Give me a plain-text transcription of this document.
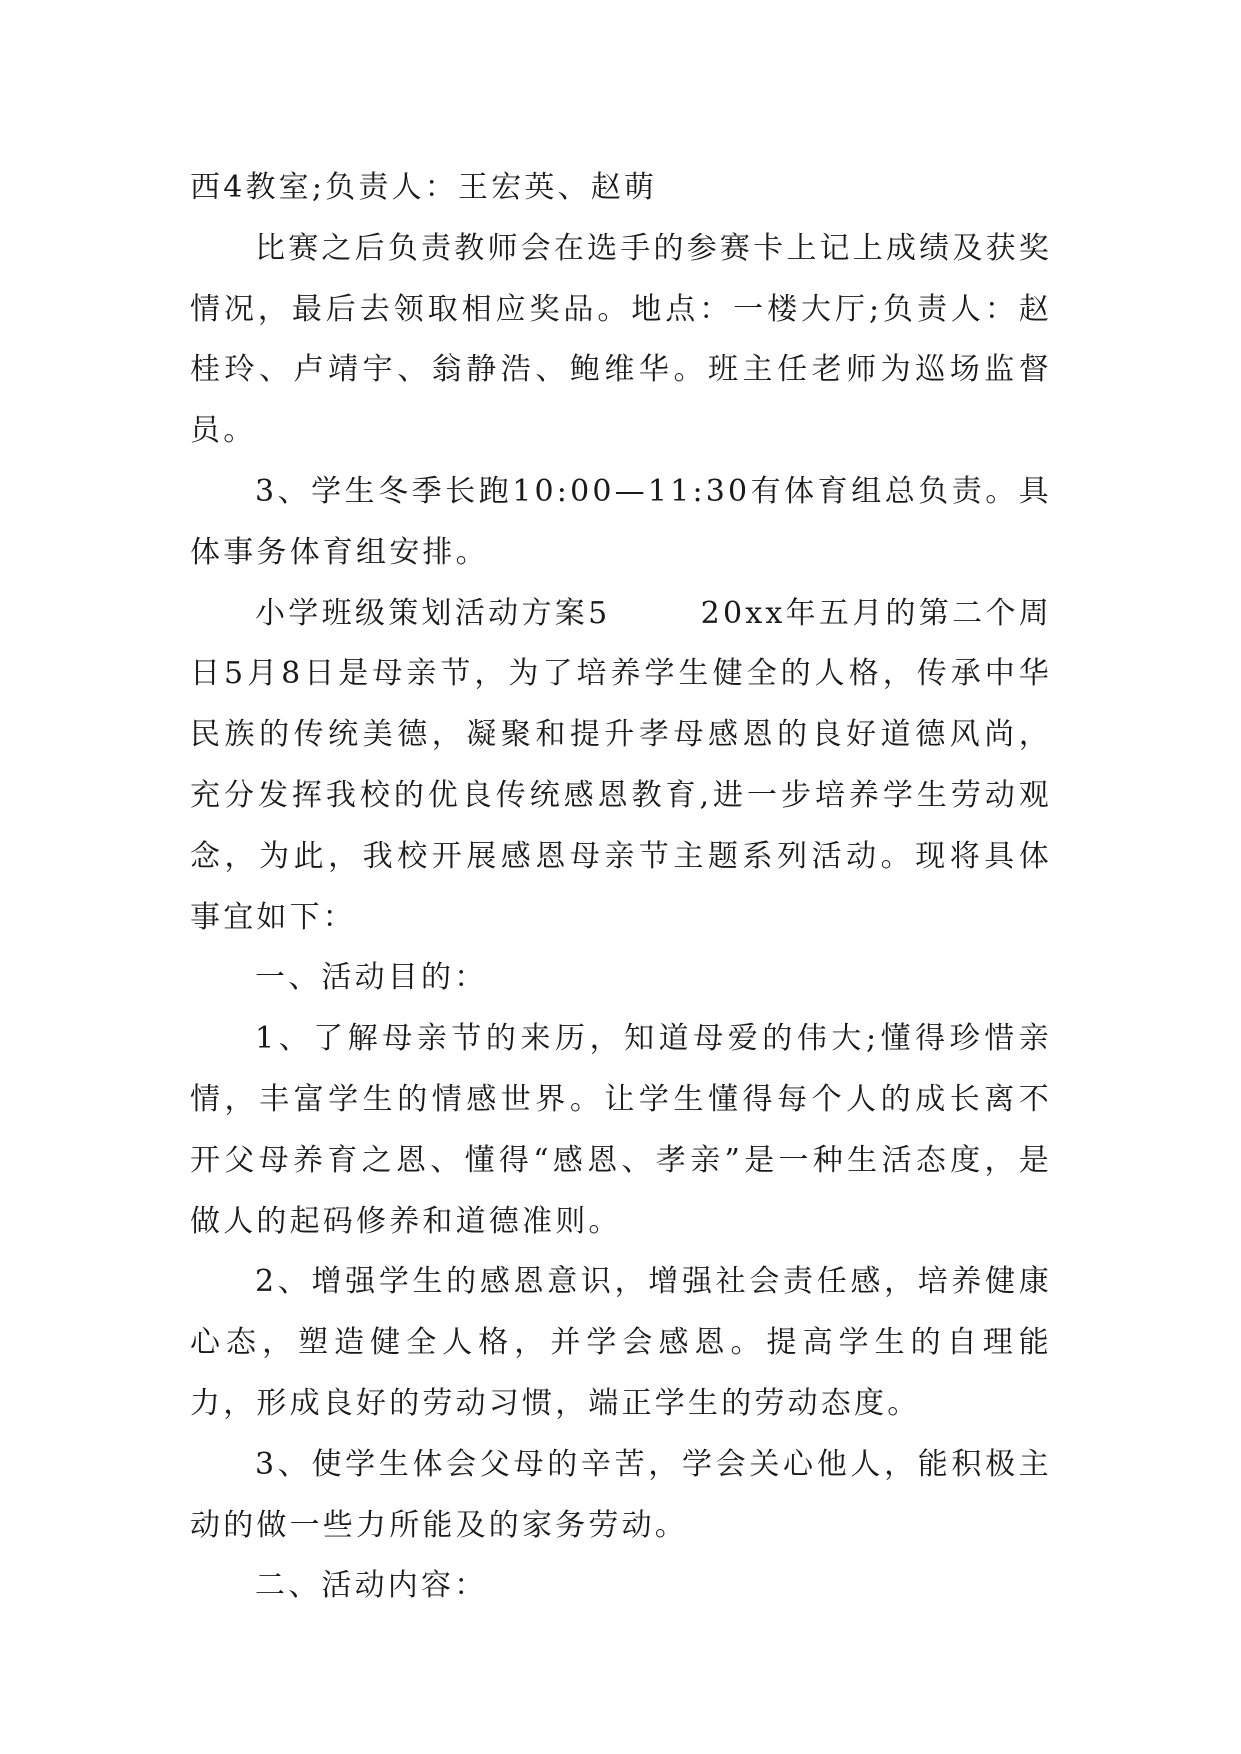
西4教室;负责人：王宏英、赵萌

比赛之后负责教师会在选手的参赛卡上记上成绩及获奖情况，最后去领取相应奖品。地点：一楼大厅;负责人：赵桂玲、卢靖宇、翁静浩、鲍维华。班主任老师为巡场监督员。

3、学生冬季长跑10:00—11:30有体育组总负责。具体事务体育组安排。

小学班级策划活动方案5	20xx年五月的第二个周日5月8日是母亲节，为了培养学生健全的人格，传承中华民族的传统美德，凝聚和提升孝母感恩的良好道德风尚，充分发挥我校的优良传统感恩教育,进一步培养学生劳动观念，为此，我校开展感恩母亲节主题系列活动。现将具体事宜如下：

一、活动目的：

1、了解母亲节的来历，知道母爱的伟大;懂得珍惜亲情，丰富学生的情感世界。让学生懂得每个人的成长离不开父母养育之恩、懂得“感恩、孝亲”是一种生活态度，是做人的起码修养和道德准则。

2、增强学生的感恩意识，增强社会责任感，培养健康心态，塑造健全人格，并学会感恩。提高学生的自理能力，形成良好的劳动习惯，端正学生的劳动态度。

3、使学生体会父母的辛苦，学会关心他人，能积极主动的做一些力所能及的家务劳动。

二、活动内容：
